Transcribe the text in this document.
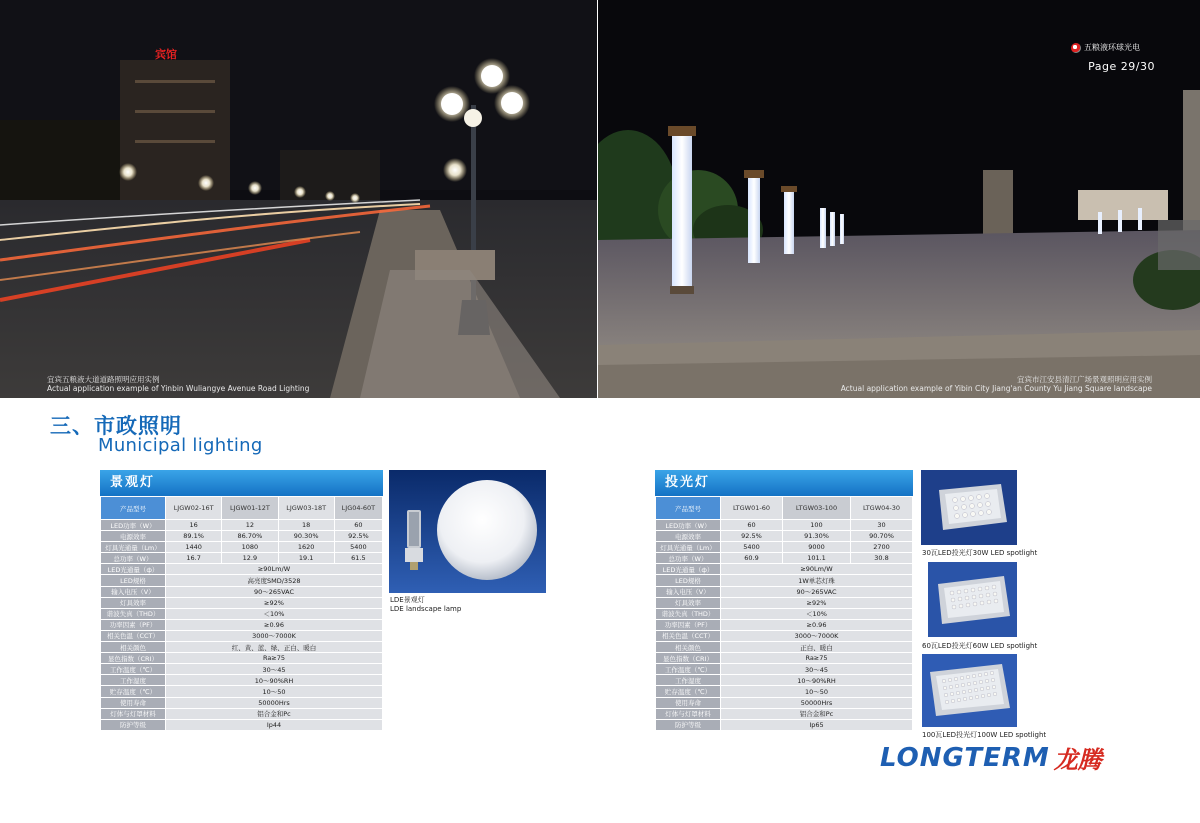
宾馆
五粮液环球光电
Page 29/30
宜宾五粮液大道道路照明应用实例
Actual application example of Yinbin Wuliangye Avenue Road Lighting
宜宾市江安县清江广场景观照明应用实例
Actual application example of Yibin City Jiang'an County Yu Jiang Square landscape
三、市政照明
Municipal lighting
景观灯
产品型号	LJGW02-16T	LJGW01-12T	LJGW03-18T	LJG04-60T
LED功率（W）	16	12	18	60
电源效率	89.1%	86.70%	90.30%	92.5%
灯具光通量（Lm）	1440	1080	1620	5400
总功率（W）	16.7	12.9	19.1	61.5
LED光通量（ф）	≥90Lm/W			
LED规格	高亮度SMD/3528			
输入电压（V）	90～265VAC			
灯具效率	≥92%			
谐波失真（THD）	＜10%			
功率因素（PF）	≥0.96			
相关色温（CCT）	3000～7000K			
相关颜色	红、黄、蓝、绿、正白、暖白			
显色指数（CRI）	Ra≥75			
工作温度（℃）	30～45			
工作湿度	10～90%RH			
贮存温度（℃）	10～50			
使用寿命	50000Hrs			
灯体与灯罩材料	铝合金和Pc			
防护等级	Ip44			
投光灯
产品型号	LTGW01-60	LTGW03-100	LTGW04-30
LED功率（W）	60	100	30
电源效率	92.5%	91.30%	90.70%
灯具光通量（Lm）	5400	9000	2700
总功率（W）	60.9	101.1	30.8
LED光通量（ф）	≥90Lm/W		
LED规格	1W单芯灯珠		
输入电压（V）	90～265VAC		
灯具效率	≥92%		
谐波失真（THD）	＜10%		
功率因素（PF）	≥0.96		
相关色温（CCT）	3000～7000K		
相关颜色	正白、暖白		
显色指数（CRI）	Ra≥75		
工作温度（℃）	30～45		
工作湿度	10～90%RH		
贮存温度（℃）	10～50		
使用寿命	50000Hrs		
灯体与灯罩材料	铝合金和Pc		
防护等级	Ip65		
LDE景观灯
LDE landscape lamp
30瓦LED投光灯30W LED spotlight
60瓦LED投光灯60W LED spotlight
100瓦LED投光灯100W LED spotlight
LONGTERM 龙腾
